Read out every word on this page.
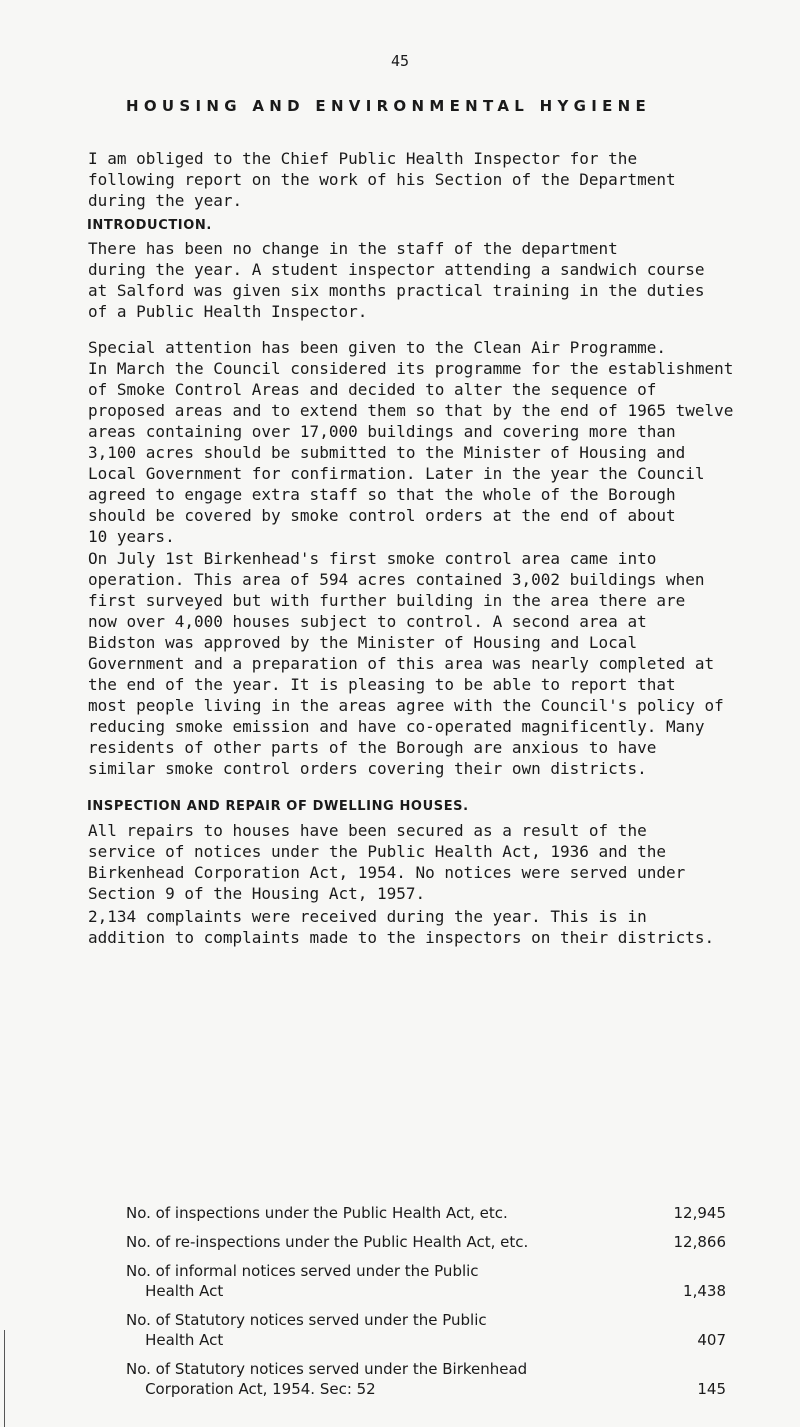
45
HOUSING AND ENVIRONMENTAL HYGIENE

I am obliged to the Chief Public Health Inspector for the
following report on the work of his Section of the Department
during the year.

INTRODUCTION.

There has been no change in the staff of the department
during the year. A student inspector attending a sandwich course
at Salford was given six months practical training in the duties
of a Public Health Inspector.

Special attention has been given to the Clean Air Programme.
In March the Council considered its programme for the establishment
of Smoke Control Areas and decided to alter the sequence of
proposed areas and to extend them so that by the end of 1965 twelve
areas containing over 17,000 buildings and covering more than
3,100 acres should be submitted to the Minister of Housing and
Local Government for confirmation. Later in the year the Council
agreed to engage extra staff so that the whole of the Borough
should be covered by smoke control orders at the end of about
10 years.

On July 1st Birkenhead's first smoke control area came into
operation. This area of 594 acres contained 3,002 buildings when
first surveyed but with further building in the area there are
now over 4,000 houses subject to control. A second area at
Bidston was approved by the Minister of Housing and Local
Government and a preparation of this area was nearly completed at
the end of the year. It is pleasing to be able to report that
most people living in the areas agree with the Council's policy of
reducing smoke emission and have co-operated magnificently. Many
residents of other parts of the Borough are anxious to have
similar smoke control orders covering their own districts.

INSPECTION AND REPAIR OF DWELLING HOUSES.

All repairs to houses have been secured as a result of the
service of notices under the Public Health Act, 1936 and the
Birkenhead Corporation Act, 1954. No notices were served under
Section 9 of the Housing Act, 1957.

2,134 complaints were received during the year. This is in
addition to complaints made to the inspectors on their districts.

No. of inspections under the Public Health Act, etc.	12,945
No. of re-inspections under the Public Health Act, etc.	12,866
No. of informal notices served under the Public
Health Act	1,438
No. of Statutory notices served under the Public
Health Act	407
No. of Statutory notices served under the Birkenhead
Corporation Act, 1954. Sec: 52	145
